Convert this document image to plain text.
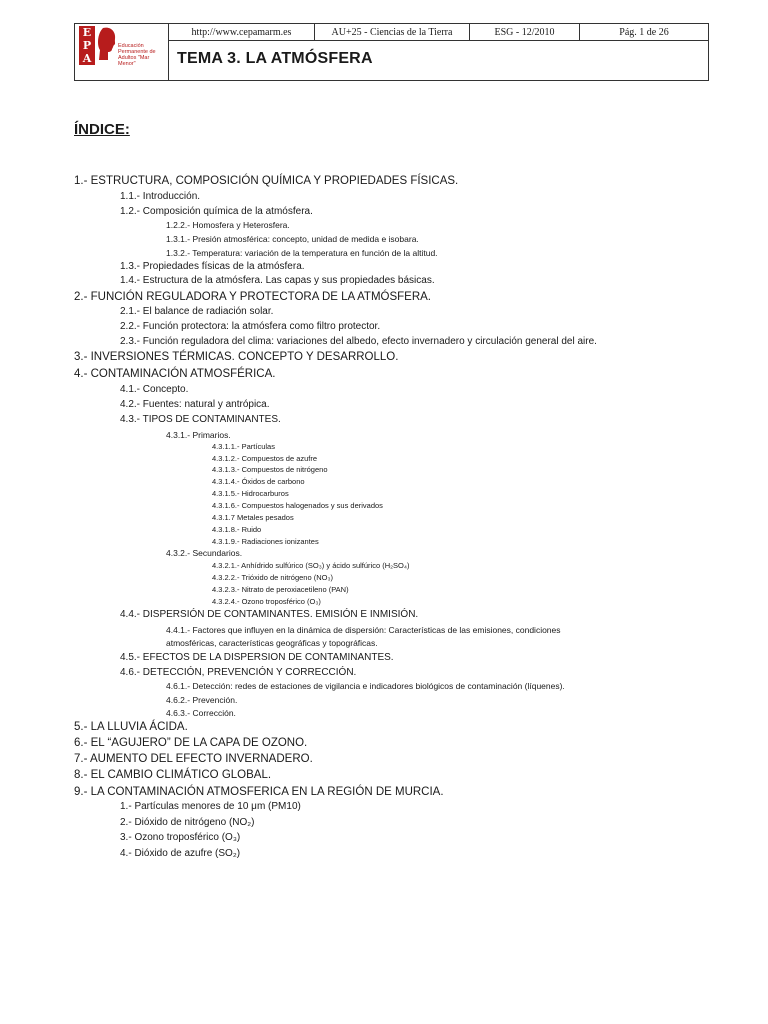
E
P
A
Educación Permanente de Adultos "Mar Menor"
http://www.cepamarm.es	AU+25 - Ciencias de la Tierra	ESG - 12/2010	Pág. 1 de 26
TEMA 3. LA ATMÓSFERA
ÍNDICE:
1.- ESTRUCTURA, COMPOSICIÓN QUÍMICA Y PROPIEDADES FÍSICAS.
1.1.- Introducción.
1.2.- Composición química de la atmósfera.
1.2.2.- Homosfera y Heterosfera.
1.3.1.- Presión atmosférica: concepto, unidad de medida e isobara.
1.3.2.- Temperatura: variación de la temperatura en función de la altitud.
1.3.- Propiedades físicas de la atmósfera.
1.4.- Estructura de la atmósfera. Las capas y sus propiedades básicas.
2.- FUNCIÓN REGULADORA Y PROTECTORA DE LA ATMÓSFERA.
2.1.- El balance de radiación solar.
2.2.- Función protectora: la atmósfera como filtro protector.
2.3.- Función reguladora del clima: variaciones del albedo, efecto invernadero y circulación general del aire.
3.- INVERSIONES TÉRMICAS. CONCEPTO Y DESARROLLO.
4.- CONTAMINACIÓN ATMOSFÉRICA.
4.1.- Concepto.
4.2.- Fuentes: natural y antrópica.
4.3.- TIPOS DE CONTAMINANTES.
4.3.1.- Primarios.
4.3.1.1.- Partículas
4.3.1.2.- Compuestos de azufre
4.3.1.3.- Compuestos de nitrógeno
4.3.1.4.- Óxidos de carbono
4.3.1.5.- Hidrocarburos
4.3.1.6.- Compuestos halogenados y sus derivados
4.3.1.7 Metales pesados
4.3.1.8.- Ruido
4.3.1.9.- Radiaciones ionizantes
4.3.2.- Secundarios.
4.3.2.1.- Anhídrido sulfúrico (SO₃) y ácido sulfúrico (H₂SO₄)
4.3.2.2.- Trióxido de nitrógeno (NO₃)
4.3.2.3.- Nitrato de peroxiacetileno (PAN)
4.3.2.4.- Ozono troposférico (O₃)
4.4.- DISPERSIÓN DE CONTAMINANTES. EMISIÓN E INMISIÓN.
4.4.1.- Factores que influyen en la dinámica de dispersión: Características de las emisiones, condiciones
atmosféricas, características geográficas y topográficas.
4.5.- EFECTOS DE LA DISPERSION DE CONTAMINANTES.
4.6.- DETECCIÓN, PREVENCIÓN Y CORRECCIÓN.
4.6.1.- Detección: redes de estaciones de vigilancia e indicadores biológicos de contaminación (líquenes).
4.6.2.- Prevención.
4.6.3.- Corrección.
5.- LA LLUVIA ÁCIDA.
6.- EL “AGUJERO” DE LA CAPA DE OZONO.
7.- AUMENTO DEL EFECTO INVERNADERO.
8.- EL CAMBIO CLIMÁTICO GLOBAL.
9.- LA CONTAMINACIÓN ATMOSFERICA EN LA REGIÓN DE MURCIA.
1.- Partículas menores de 10 μm (PM10)
2.- Dióxido de nitrógeno (NO₂)
3.- Ozono troposférico (O₃)
4.- Dióxido de azufre (SO₂)
